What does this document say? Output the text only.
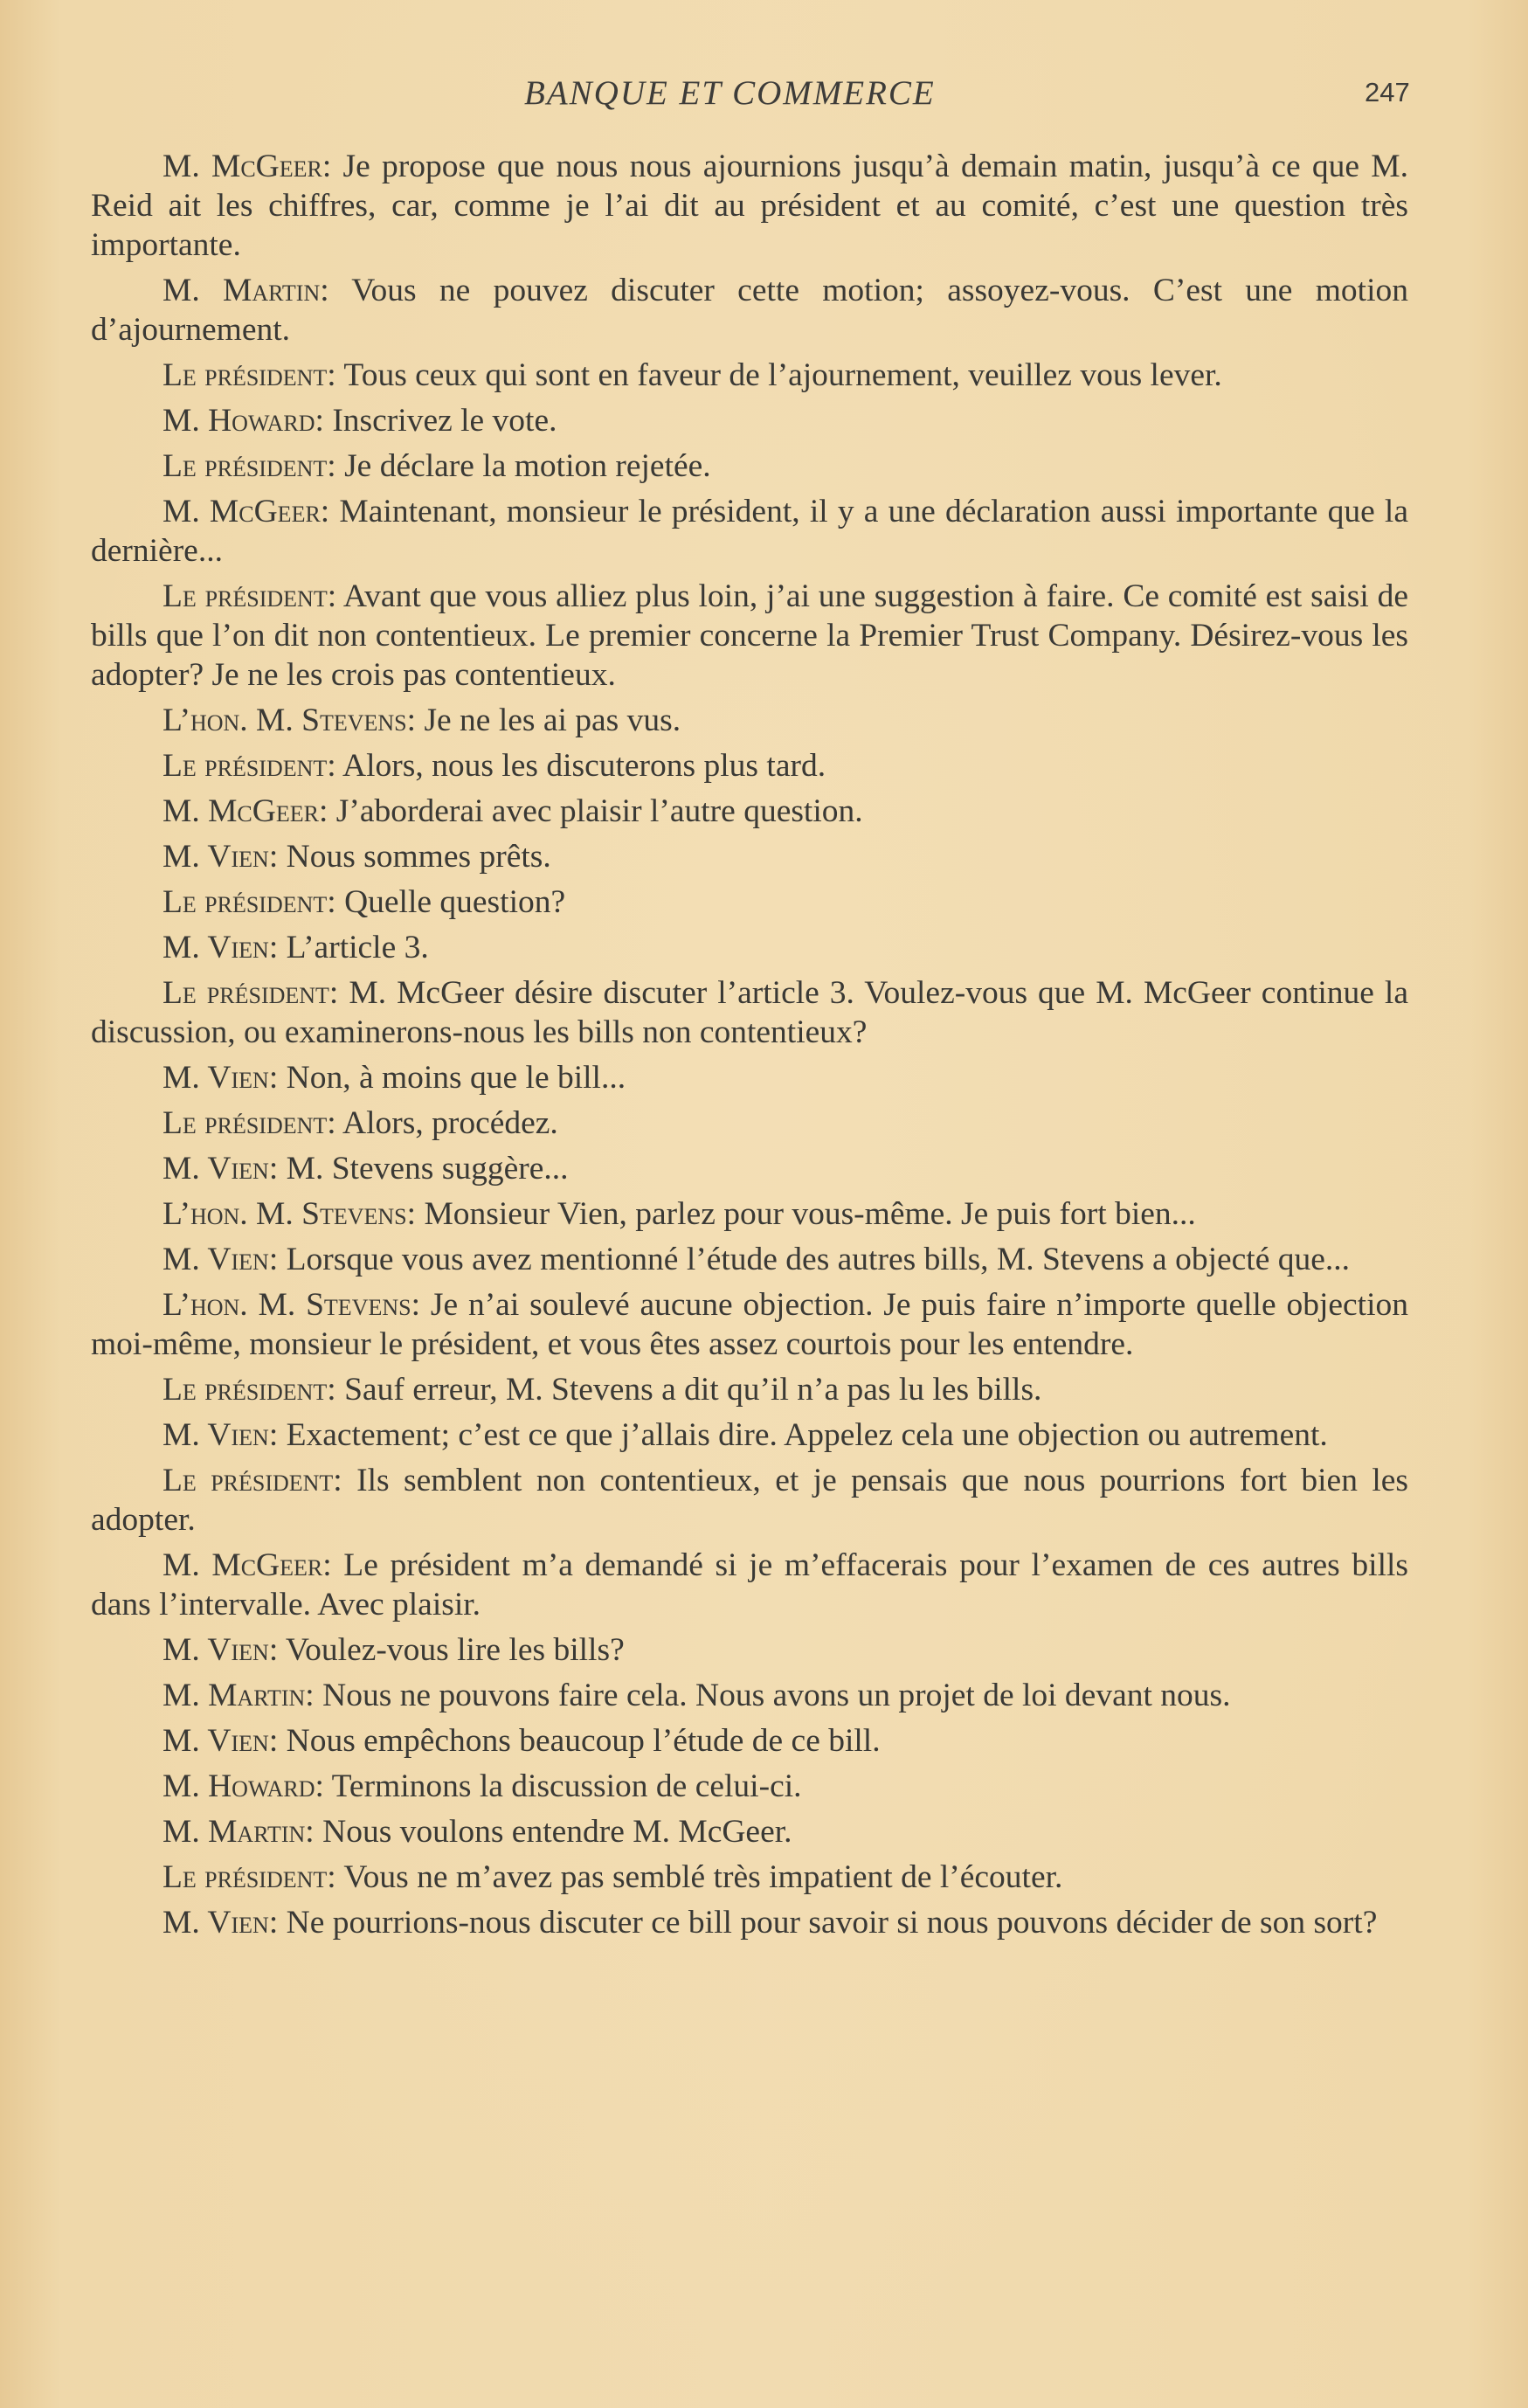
BANQUE ET COMMERCE	247

M. McGeer: Je propose que nous nous ajournions jusqu’à demain matin, jusqu’à ce que M. Reid ait les chiffres, car, comme je l’ai dit au président et au comité, c’est une question très importante.

M. Martin: Vous ne pouvez discuter cette motion; assoyez-vous. C’est une motion d’ajournement.

Le président: Tous ceux qui sont en faveur de l’ajournement, veuillez vous lever.

M. Howard: Inscrivez le vote.

Le président: Je déclare la motion rejetée.

M. McGeer: Maintenant, monsieur le président, il y a une déclaration aussi importante que la dernière...

Le président: Avant que vous alliez plus loin, j’ai une suggestion à faire. Ce comité est saisi de bills que l’on dit non contentieux. Le premier concerne la Premier Trust Company. Désirez-vous les adopter? Je ne les crois pas contentieux.

L’hon. M. Stevens: Je ne les ai pas vus.

Le président: Alors, nous les discuterons plus tard.

M. McGeer: J’aborderai avec plaisir l’autre question.

M. Vien: Nous sommes prêts.

Le président: Quelle question?

M. Vien: L’article 3.

Le président: M. McGeer désire discuter l’article 3. Voulez-vous que M. McGeer continue la discussion, ou examinerons-nous les bills non contentieux?

M. Vien: Non, à moins que le bill...

Le président: Alors, procédez.

M. Vien: M. Stevens suggère...

L’hon. M. Stevens: Monsieur Vien, parlez pour vous-même. Je puis fort bien...

M. Vien: Lorsque vous avez mentionné l’étude des autres bills, M. Stevens a objecté que...

L’hon. M. Stevens: Je n’ai soulevé aucune objection. Je puis faire n’importe quelle objection moi-même, monsieur le président, et vous êtes assez courtois pour les entendre.

Le président: Sauf erreur, M. Stevens a dit qu’il n’a pas lu les bills.

M. Vien: Exactement; c’est ce que j’allais dire. Appelez cela une objection ou autrement.

Le président: Ils semblent non contentieux, et je pensais que nous pourrions fort bien les adopter.

M. McGeer: Le président m’a demandé si je m’effacerais pour l’examen de ces autres bills dans l’intervalle. Avec plaisir.

M. Vien: Voulez-vous lire les bills?

M. Martin: Nous ne pouvons faire cela. Nous avons un projet de loi devant nous.

M. Vien: Nous empêchons beaucoup l’étude de ce bill.

M. Howard: Terminons la discussion de celui-ci.

M. Martin: Nous voulons entendre M. McGeer.

Le président: Vous ne m’avez pas semblé très impatient de l’écouter.

M. Vien: Ne pourrions-nous discuter ce bill pour savoir si nous pouvons décider de son sort?
